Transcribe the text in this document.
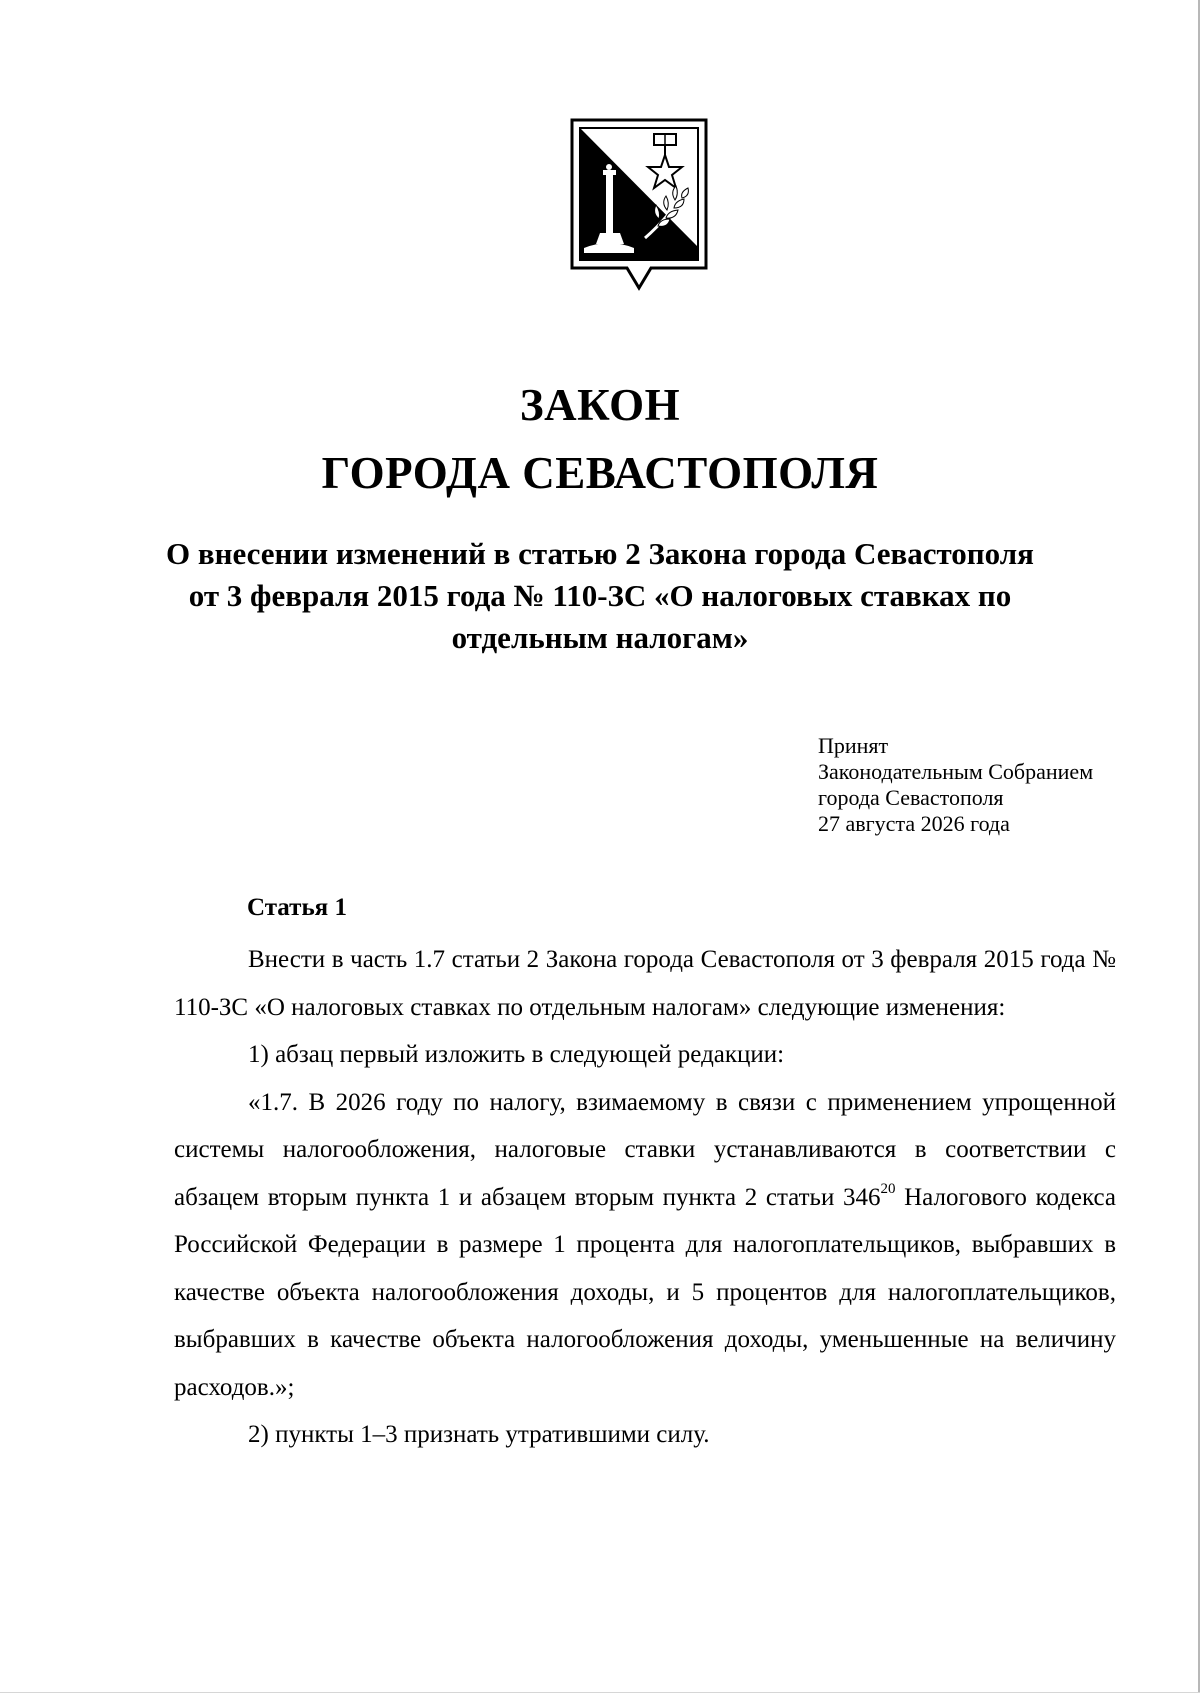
ЗАКОН
ГОРОДА СЕВАСТОПОЛЯ
О внесении изменений в статью 2 Закона города Севастополя от 3 февраля 2015 года № 110-ЗС «О налоговых ставках по отдельным налогам»
Принят
Законодательным Собранием
города Севастополя
27 августа 2026 года
Статья 1

Внести в часть 1.7 статьи 2 Закона города Севастополя от 3 февраля 2015 года № 110-ЗС «О налоговых ставках по отдельным налогам» следующие изменения:

1) абзац первый изложить в следующей редакции:

«1.7. В 2026 году по налогу, взимаемому в связи с применением упрощенной системы налогообложения, налоговые ставки устанавливаются в соответствии с абзацем вторым пункта 1 и абзацем вторым пункта 2 статьи $346^{20}$ Налогового кодекса Российской Федерации в размере 1 процента для налогоплательщиков, выбравших в качестве объекта налогообложения доходы, и 5 процентов для налогоплательщиков, выбравших в качестве объекта налогообложения доходы, уменьшенные на величину расходов.»;

2) пункты 1–3 признать утратившими силу.
